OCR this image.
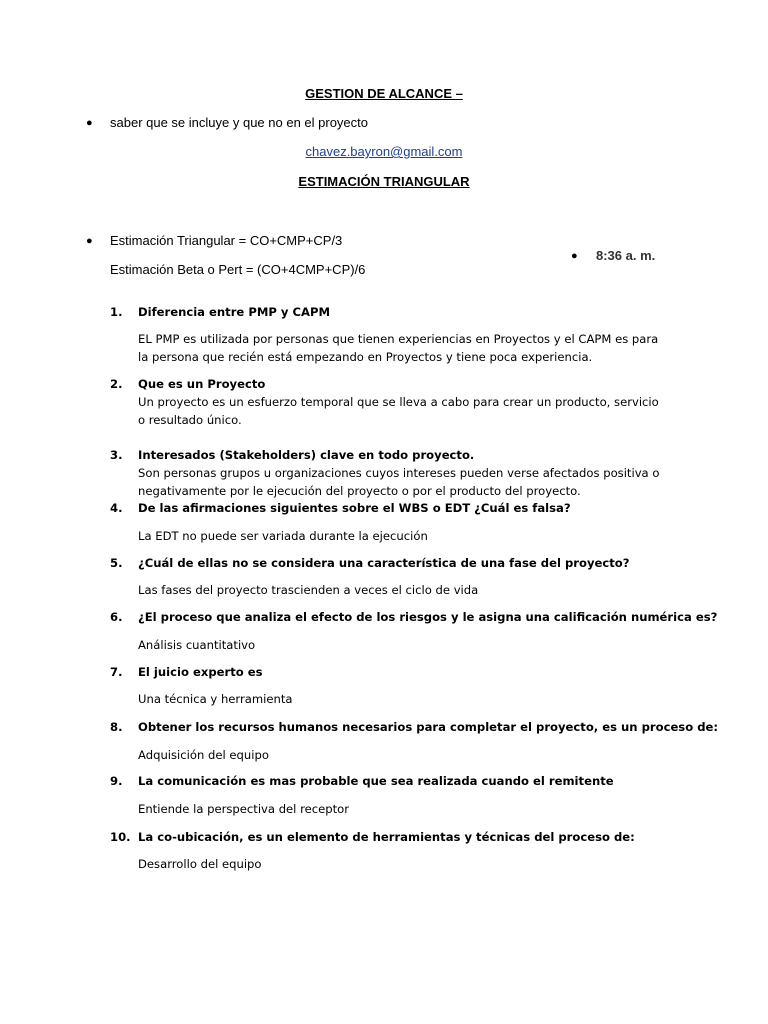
GESTION DE ALCANCE –
● saber que se incluye y que no en el proyecto
chavez.bayron@gmail.com
ESTIMACIÓN TRIANGULAR
● Estimación Triangular = CO+CMP+CP/3
Estimación Beta o Pert = (CO+4CMP+CP)/6
● 8:36 a. m.
1.	Diferencia entre PMP y CAPM
EL PMP es utilizada por personas que tienen experiencias en Proyectos y el CAPM es para
la persona que recién está empezando en Proyectos y tiene poca experiencia.
2.	Que es un Proyecto
Un proyecto es un esfuerzo temporal que se lleva a cabo para crear un producto, servicio
o resultado único.
3.	Interesados (Stakeholders) clave en todo proyecto.
Son personas grupos u organizaciones cuyos intereses pueden verse afectados positiva o
negativamente por le ejecución del proyecto o por el producto del proyecto.
4.	De las afirmaciones siguientes sobre el WBS o EDT ¿Cuál es falsa?
La EDT no puede ser variada durante la ejecución
5.	¿Cuál de ellas no se considera una característica de una fase del proyecto?
Las fases del proyecto trascienden a veces el ciclo de vida
6.	¿El proceso que analiza el efecto de los riesgos y le asigna una calificación numérica es?
Análisis cuantitativo
7.	El juicio experto es
Una técnica y herramienta
8.	Obtener los recursos humanos necesarios para completar el proyecto, es un proceso de:
Adquisición del equipo
9.	La comunicación es mas probable que sea realizada cuando el remitente
Entiende la perspectiva del receptor
10. La co-ubicación, es un elemento de herramientas y técnicas del proceso de:
Desarrollo del equipo
